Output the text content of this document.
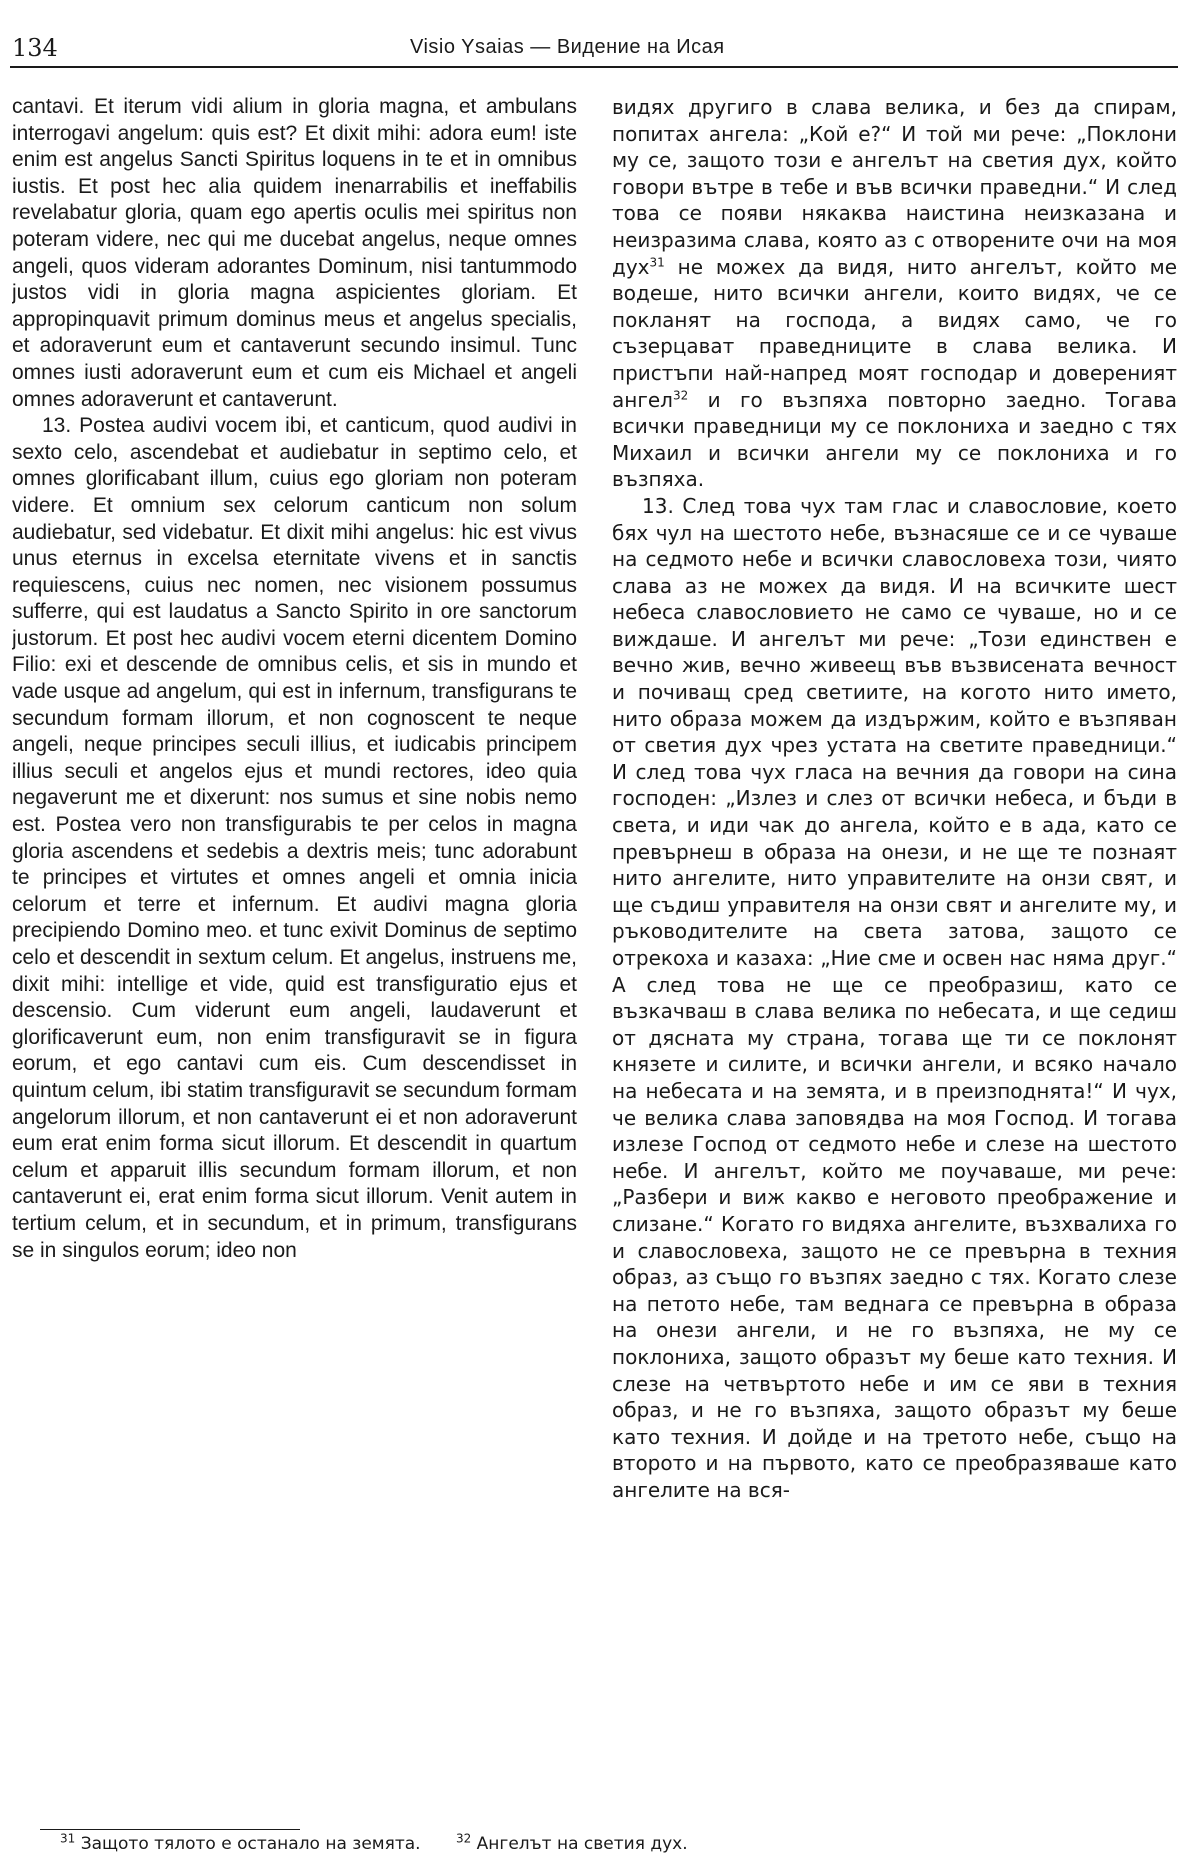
134	Visio Ysaias — Видение на Исая

cantavi. Et iterum vidi alium in gloria magna, et ambulans interrogavi angelum: quis est? Et dixit mihi: adora eum! iste enim est angelus Sancti Spiritus loquens in te et in omnibus iustis. Et post hec alia quidem inenarrabilis et ineffabilis revelabatur gloria, quam ego apertis oculis mei spiritus non poteram videre, nec qui me ducebat angelus, neque omnes angeli, quos videram adorantes Dominum, nisi tantummodo justos vidi in gloria magna aspicientes gloriam. Et appropinquavit primum dominus meus et angelus specialis, et adoraverunt eum et cantaverunt secundo insimul. Tunc omnes iusti adoraverunt eum et cum eis Michael et angeli omnes adoraverunt et cantaverunt.

13. Postea audivi vocem ibi, et canticum, quod audivi in sexto celo, ascendebat et audiebatur in septimo celo, et omnes glorificabant illum, cuius ego gloriam non poteram videre. Et omnium sex celorum canticum non solum audiebatur, sed videbatur. Et dixit mihi angelus: hic est vivus unus eternus in excelsa eternitate vivens et in sanctis requiescens, cuius nec nomen, nec visionem possumus sufferre, qui est laudatus a Sancto Spirito in ore sanctorum justorum. Et post hec audivi vocem eterni dicentem Domino Filio: exi et descende de omnibus celis, et sis in mundo et vade usque ad angelum, qui est in infernum, transfigurans te secundum formam illorum, et non cognoscent te neque angeli, neque principes seculi illius, et iudicabis principem illius seculi et angelos ejus et mundi rectores, ideo quia negaverunt me et dixerunt: nos sumus et sine nobis nemo est. Postea vero non transfigurabis te per celos in magna gloria ascendens et sedebis a dextris meis; tunc adorabunt te principes et virtutes et omnes angeli et omnia inicia celorum et terre et infernum. Et audivi magna gloria precipiendo Domino meo. et tunc exivit Dominus de septimo celo et descendit in sextum celum. Et angelus, instruens me, dixit mihi: intellige et vide, quid est transfiguratio ejus et descensio. Cum viderunt eum angeli, laudaverunt et glorificaverunt eum, non enim transfiguravit se in figura eorum, et ego cantavi cum eis. Cum descendisset in quintum celum, ibi statim transfiguravit se secundum formam angelorum illorum, et non cantaverunt ei et non adoraverunt eum erat enim forma sicut illorum. Et descendit in quartum celum et apparuit illis secundum formam illorum, et non cantaverunt ei, erat enim forma sicut illorum. Venit autem in tertium celum, et in secundum, et in primum, transfigurans se in singulos eorum; ideo non

видях другиго в слава велика, и без да спирам, попитах ангела: „Кой е?“ И той ми рече: „Поклони му се, защото този е ангелът на светия дух, който говори вътре в тебе и във всички праведни.“ И след това се появи някаква наистина неизказана и неизразима слава, която аз с отворените очи на моя дух$^{31}$ не можех да видя, нито ангелът, който ме водеше, нито всички ангели, които видях, че се покланят на господа, а видях само, че го съзерцават праведниците в слава велика. И пристъпи най-напред моят господар и довереният ангел$^{32}$ и го възпяха повторно заедно. Тогава всички праведници му се поклониха и заедно с тях Михаил и всички ангели му се поклониха и го възпяха.

13. След това чух там глас и славословие, което бях чул на шестото небе, възнасяше се и се чуваше на седмото небе и всички славословеха този, чиято слава аз не можех да видя. И на всичките шест небеса славословието не само се чуваше, но и се виждаше. И ангелът ми рече: „Този единствен е вечно жив, вечно живеещ във възвисената вечност и почиващ сред светиите, на когото нито името, нито образа можем да издържим, който е възпяван от светия дух чрез устата на светите праведници.“ И след това чух гласа на вечния да говори на сина господен: „Излез и слез от всички небеса, и бъди в света, и иди чак до ангела, който е в ада, като се превърнеш в образа на онези, и не ще те познаят нито ангелите, нито управителите на онзи свят, и ще съдиш управителя на онзи свят и ангелите му, и ръководителите на света затова, защото се отрекоха и казаха: „Ние сме и освен нас няма друг.“ А след това не ще се преобразиш, като се възкачваш в слава велика по небесата, и ще седиш от дясната му страна, тогава ще ти се поклонят князете и силите, и всички ангели, и всяко начало на небесата и на земята, и в преизподнята!“ И чух, че велика слава заповядва на моя Господ. И тогава излезе Господ от седмото небе и слезе на шестото небе. И ангелът, който ме поучаваше, ми рече: „Разбери и виж какво е неговото преображение и слизане.“ Когато го видяха ангелите, възхвалиха го и славословеха, защото не се превърна в техния образ, аз също го възпях заедно с тях. Когато слезе на петото небе, там веднага се превърна в образа на онези ангели, и не го възпяха, не му се поклониха, защото образът му беше като техния. И слезе на четвъртото небе и им се яви в техния образ, и не го възпяха, защото образът му беше като техния. И дойде и на третото небе, също на второто и на първото, като се преобразяваше като ангелите на вся-

$^{31}$ Защото тялото е останало на земята.	$^{32}$ Ангелът на светия дух.
